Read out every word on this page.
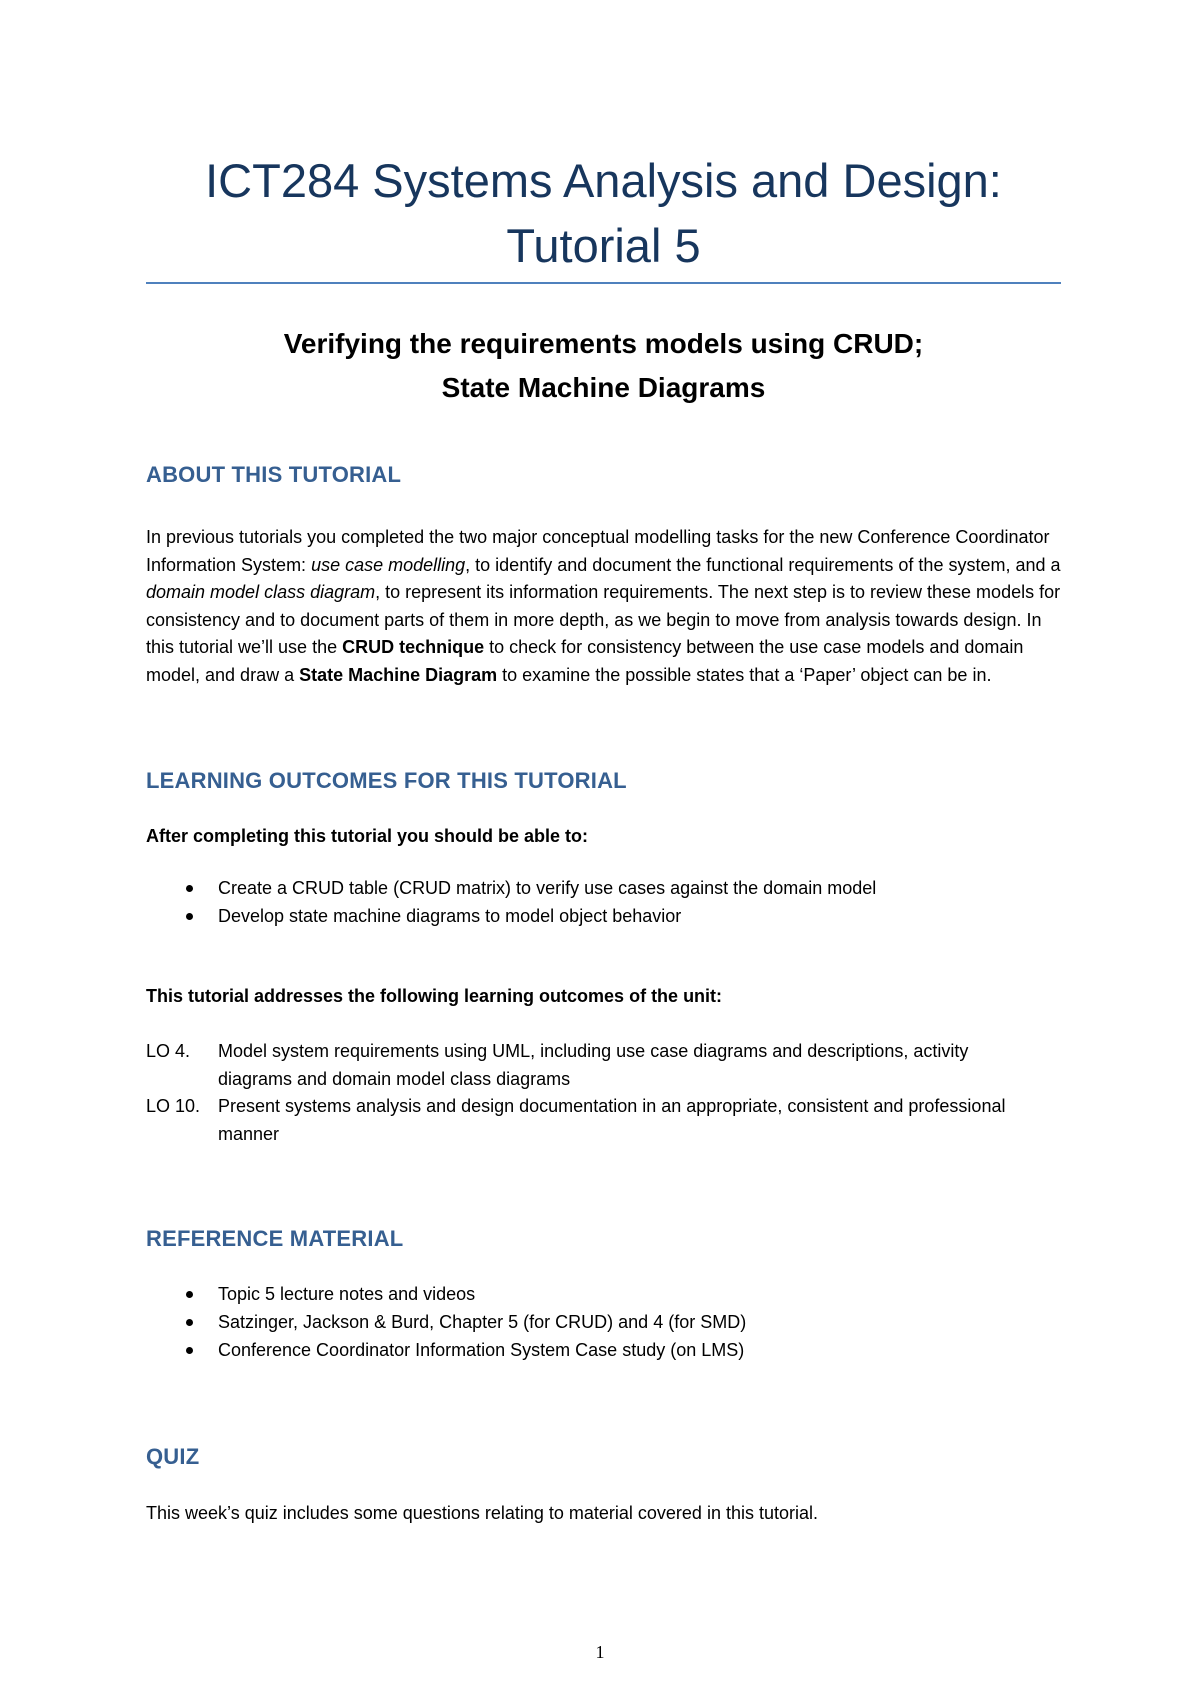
ICT284 Systems Analysis and Design:
Tutorial 5
Verifying the requirements models using CRUD;
State Machine Diagrams
ABOUT THIS TUTORIAL
In previous tutorials you completed the two major conceptual modelling tasks for the new Conference Coordinator Information System: use case modelling, to identify and document the functional requirements of the system, and a domain model class diagram, to represent its information requirements. The next step is to review these models for consistency and to document parts of them in more depth, as we begin to move from analysis towards design. In this tutorial we’ll use the CRUD technique to check for consistency between the use case models and domain model, and draw a State Machine Diagram to examine the possible states that a ‘Paper’ object can be in.
LEARNING OUTCOMES FOR THIS TUTORIAL
After completing this tutorial you should be able to:
Create a CRUD table (CRUD matrix) to verify use cases against the domain model
Develop state machine diagrams to model object behavior
This tutorial addresses the following learning outcomes of the unit:
LO 4.	Model system requirements using UML, including use case diagrams and descriptions, activity diagrams and domain model class diagrams
LO 10. Present systems analysis and design documentation in an appropriate, consistent and professional manner
REFERENCE MATERIAL
Topic 5 lecture notes and videos
Satzinger, Jackson & Burd, Chapter 5 (for CRUD) and 4 (for SMD)
Conference Coordinator Information System Case study (on LMS)
QUIZ
This week’s quiz includes some questions relating to material covered in this tutorial.
1
